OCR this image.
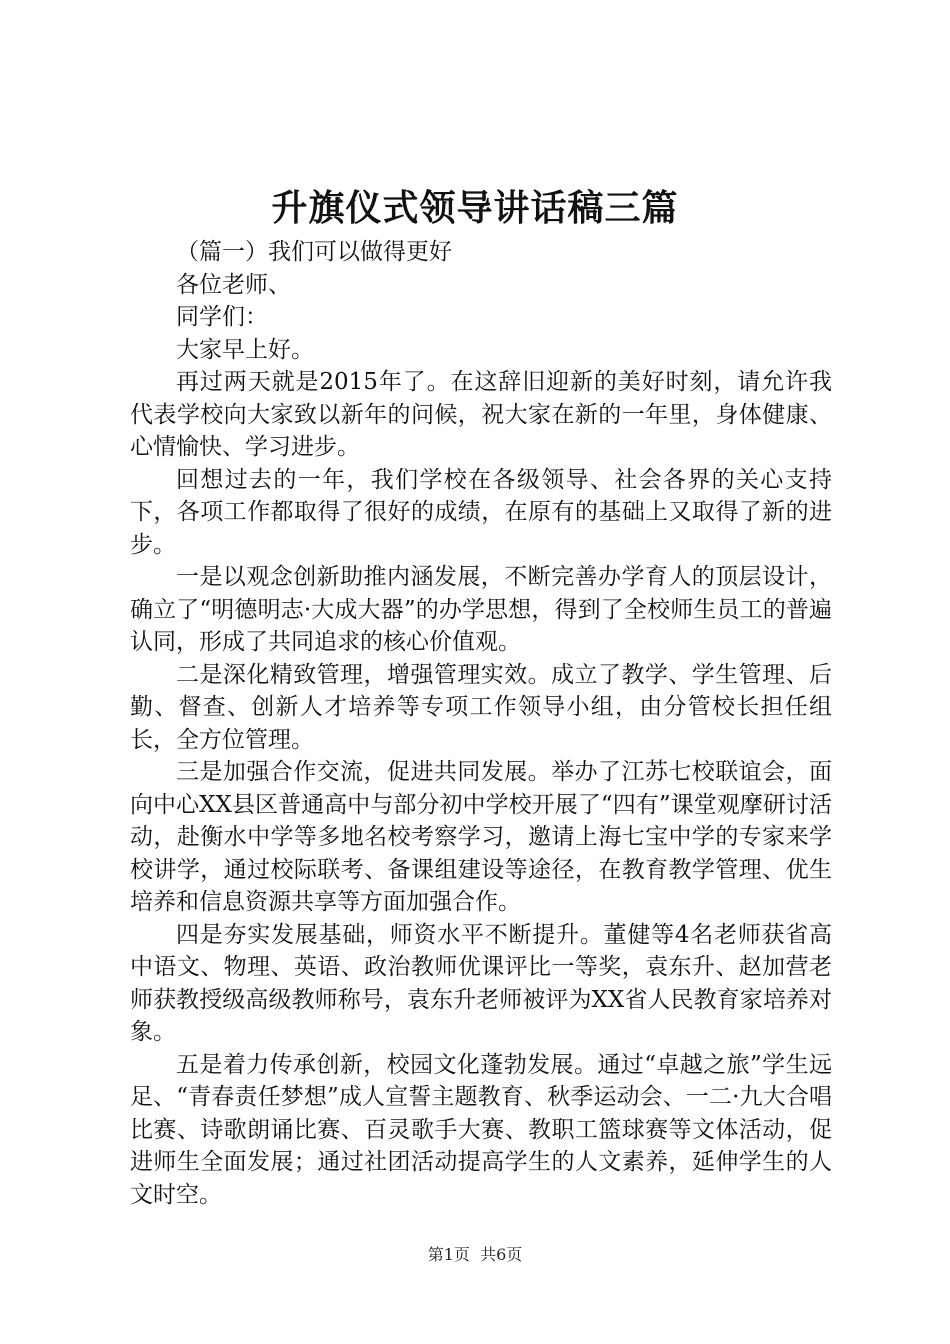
升旗仪式领导讲话稿三篇

（篇一）我们可以做得更好

各位老师、

同学们：

大家早上好。

再过两天就是2015年了。在这辞旧迎新的美好时刻，请允许我代表学校向大家致以新年的问候，祝大家在新的一年里，身体健康、心情愉快、学习进步。

回想过去的一年，我们学校在各级领导、社会各界的关心支持下，各项工作都取得了很好的成绩，在原有的基础上又取得了新的进步。

一是以观念创新助推内涵发展，不断完善办学育人的顶层设计，确立了“明德明志·大成大器”的办学思想，得到了全校师生员工的普遍认同，形成了共同追求的核心价值观。

二是深化精致管理，增强管理实效。成立了教学、学生管理、后勤、督查、创新人才培养等专项工作领导小组，由分管校长担任组长，全方位管理。

三是加强合作交流，促进共同发展。举办了江苏七校联谊会，面向中心XX县区普通高中与部分初中学校开展了“四有”课堂观摩研讨活动，赴衡水中学等多地名校考察学习，邀请上海七宝中学的专家来学校讲学，通过校际联考、备课组建设等途径，在教育教学管理、优生培养和信息资源共享等方面加强合作。

四是夯实发展基础，师资水平不断提升。董健等4名老师获省高中语文、物理、英语、政治教师优课评比一等奖，袁东升、赵加营老师获教授级高级教师称号，袁东升老师被评为XX省人民教育家培养对象。

五是着力传承创新，校园文化蓬勃发展。通过“卓越之旅”学生远足、“青春责任梦想”成人宣誓主题教育、秋季运动会、一二·九大合唱比赛、诗歌朗诵比赛、百灵歌手大赛、教职工篮球赛等文体活动，促进师生全面发展；通过社团活动提高学生的人文素养，延伸学生的人文时空。

第1页  共6页
